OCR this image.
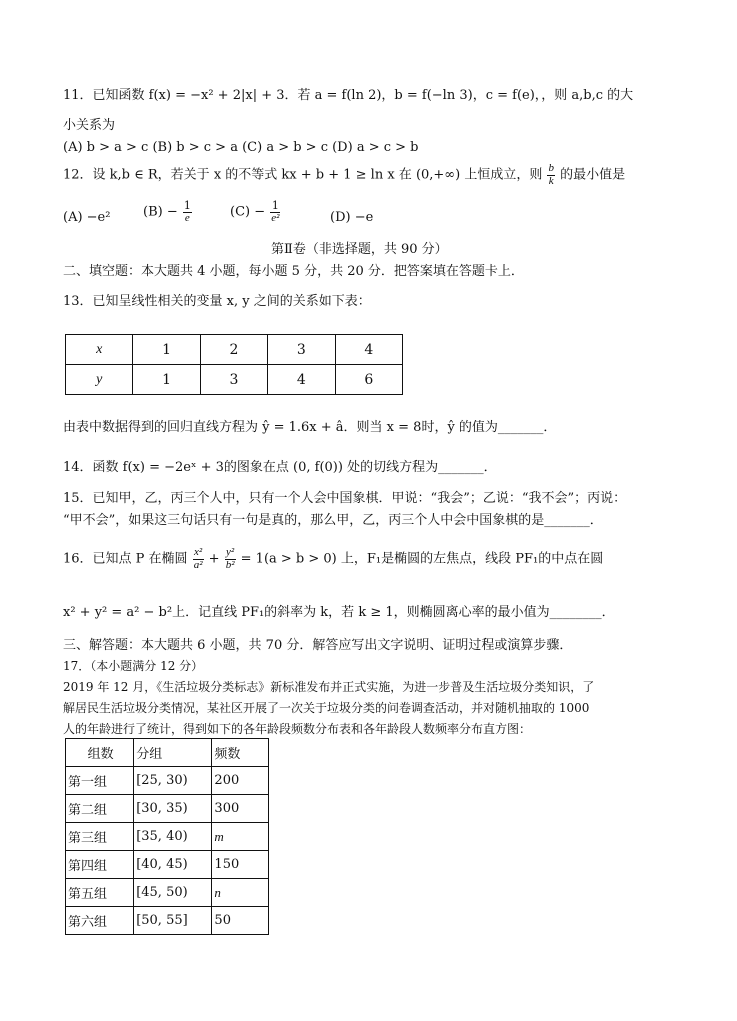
11．已知函数 f(x) = −x² + 2|x| + 3．若 a = f(ln 2)，b = f(−ln 3)，c = f(e)，，则 a,b,c 的大
小关系为
(A) b > a > c (B) b > c > a (C) a > b > c (D) a > c > b
12．设 k,b ∈ R，若关于 x 的不等式 kx + b + 1 ≥ ln x 在 (0,+∞) 上恒成立，则 $\frac{b}{k}$ 的最小值是
(A) −e²	$(B) - \frac{1}{e}$	$(C) - \frac{1}{\text{e²}}$	(D) −e
第Ⅱ卷（非选择题，共 90 分）
二、填空题：本大题共 4 小题，每小题 5 分，共 20 分．把答案填在答题卡上．
13．已知呈线性相关的变量 x, y 之间的关系如下表：
x	1	2	3	4
y	1	3	4	6
由表中数据得到的回归直线方程为 ŷ = 1.6x + â．则当 x = 8时，ŷ 的值为_______．
14．函数 f(x) = −2eˣ + 3的图象在点 (0, f(0)) 处的切线方程为_______．
15．已知甲，乙，丙三个人中，只有一个人会中国象棋．甲说：“我会”；乙说：“我不会”；丙说：
“甲不会”，如果这三句话只有一句是真的，那么甲，乙，丙三个人中会中国象棋的是_______．
16．已知点 P 在椭圆 $\frac{\text{x²}}{\text{a²}} + \frac{\text{y²}}{\text{b²}} = 1(a > b > 0)$ 上，F₁是椭圆的左焦点，线段 PF₁的中点在圆
x² + y² = a² − b²上．记直线 PF₁的斜率为 k，若 k ≥ 1，则椭圆离心率的最小值为________．
三、解答题：本大题共 6 小题，共 70 分．解答应写出文字说明、证明过程或演算步骤．
17．（本小题满分 12 分）
2019 年 12 月，《生活垃圾分类标志》新标准发布并正式实施，为进一步普及生活垃圾分类知识，了
解居民生活垃圾分类情况，某社区开展了一次关于垃圾分类的问卷调查活动，并对随机抽取的 1000
人的年龄进行了统计，得到如下的各年龄段频数分布表和各年龄段人数频率分布直方图：
组数	分组	频数
第一组	[25, 30)	200
第二组	[30, 35)	300
第三组	[35, 40)	m
第四组	[40, 45)	150
第五组	[45, 50)	n
第六组	[50, 55]	50
